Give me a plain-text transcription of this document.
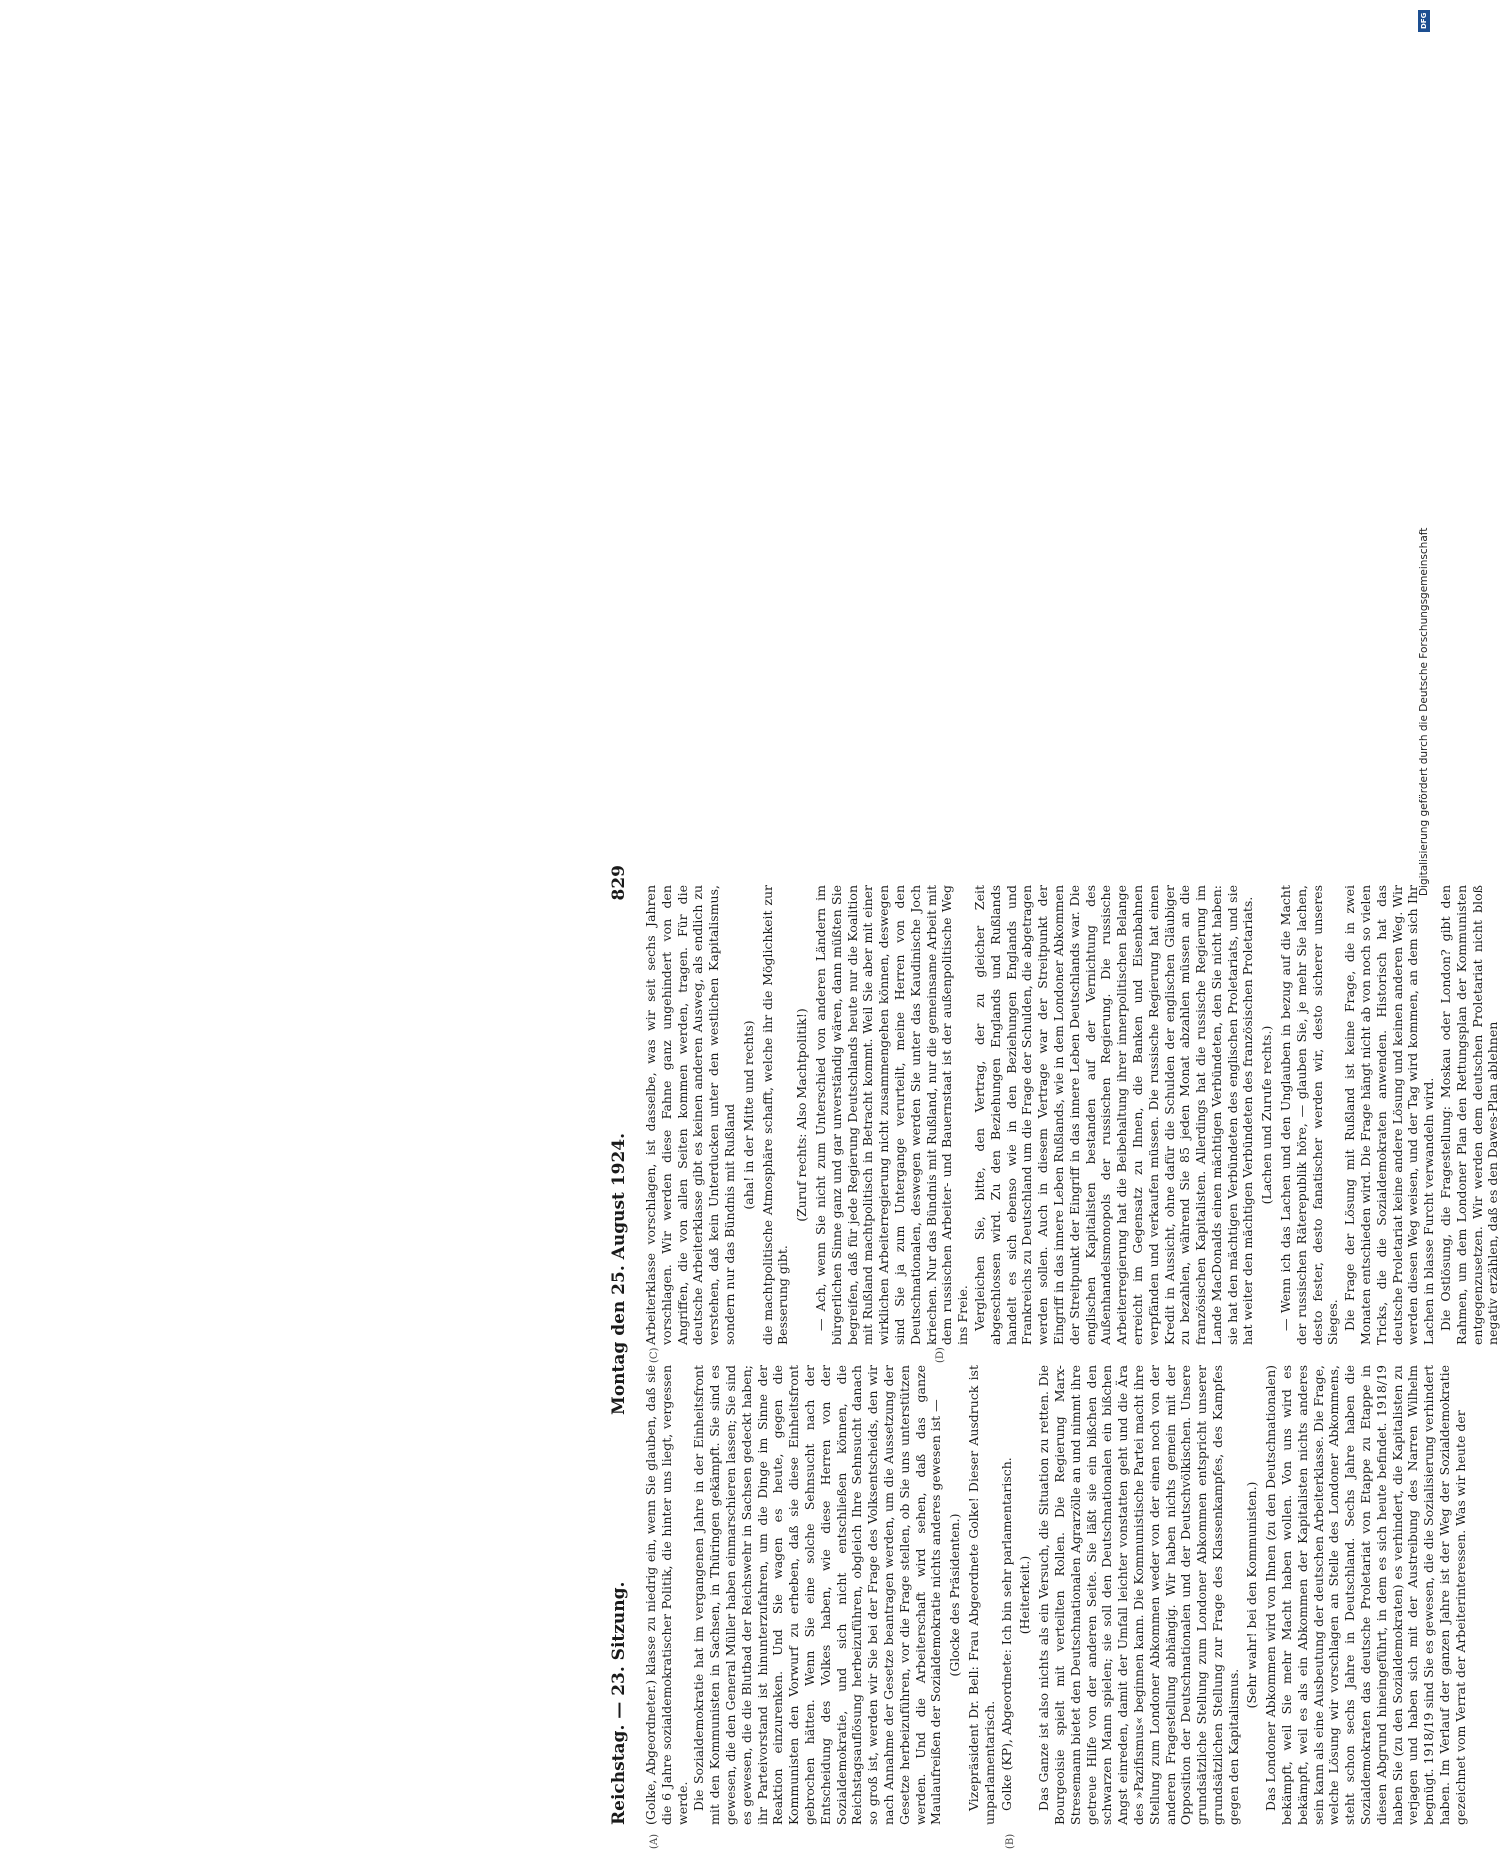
Reichstag. — 23. Sitzung.
Montag den 25. August 1924.
829
(A)	(B)
(C)	(D)

(Golke, Abgeordneter.) klasse zu niedrig ein, wenn Sie glauben, daß sie die 6 Jahre sozialdemokratischer Politik, die hinter uns liegt, vergessen werde. Die Sozialdemokratie hat im vergangenen Jahre in der Einheitsfront mit den Kommunisten in Sachsen, in Thüringen gekämpft. Sie sind es gewesen, die den General Müller haben einmarschieren lassen; Sie sind es gewesen, die die Blutbad der Reichswehr in Sachsen gedeckt haben; ihr Parteivorstand ist hinunterzufahren, um die Dinge im Sinne der Reaktion einzurenken. Und Sie wagen es heute, gegen die Kommunisten den Vorwurf zu erheben, daß sie diese Einheitsfront gebrochen hätten. Wenn Sie eine solche Sehnsucht nach der Entscheidung des Volkes haben, wie diese Herren von der Sozialdemokratie, und sich nicht entschließen können, die Reichstagsauflösung herbeizuführen, obgleich Ihre Sehnsucht danach so groß ist, werden wir Sie bei der Frage des Volksentscheids, den wir nach Annahme der Gesetze beantragen werden, um die Aussetzung der Gesetze herbeizuführen, vor die Frage stellen, ob Sie uns unterstützen werden. Und die Arbeiterschaft wird sehen, daß das ganze Maulaufreißen der Sozialdemokratie nichts anderes gewesen ist — (Glocke des Präsidenten.) Vizepräsident Dr. Bell: Frau Abgeordnete Golke! Dieser Ausdruck ist unparlamentarisch. Golke (KP), Abgeordnete: Ich bin sehr parlamentarisch. (Heiterkeit.) Das Ganze ist also nichts als ein Versuch, die Situation zu retten. Die Bourgeoisie spielt mit verteilten Rollen. Die Regierung Marx-Stresemann bietet den Deutschnationalen Agrarzölle an und nimmt ihre getreue Hilfe von der anderen Seite. Sie läßt sie ein bißchen den schwarzen Mann spielen; sie soll den Deutschnationalen ein bißchen Angst einreden, damit der Umfall leichter vonstatten geht und die Ära des »Pazifismus« beginnen kann. Die Kommunistische Partei macht ihre Stellung zum Londoner Abkommen weder von der einen noch von der anderen Fragestellung abhängig. Wir haben nichts gemein mit der Opposition der Deutschnationalen und der Deutschvölkischen. Unsere grundsätzliche Stellung zum Londoner Abkommen entspricht unserer grundsätzlichen Stellung zur Frage des Klassenkampfes, des Kampfes gegen den Kapitalismus.

(Sehr wahr! bei den Kommunisten.) Das Londoner Abkommen wird von Ihnen (zu den Deutschnationalen) bekämpft, weil Sie mehr Macht haben wollen. Von uns wird es bekämpft, weil es als ein Abkommen der Kapitalisten nichts anderes sein kann als eine Ausbeutung der deutschen Arbeiterklasse. Die Frage, welche Lösung wir vorschlagen an Stelle des Londoner Abkommens, steht schon sechs Jahre in Deutschland. Sechs Jahre haben die Sozialdemokraten das deutsche Proletariat von Etappe zu Etappe in diesen Abgrund hineingeführt, in dem es sich heute befindet. 1918/19 haben Sie (zu den Sozialdemokraten) es verhindert, die Kapitalisten zu verjagen und haben sich mit der Austreibung des Narren Wilhelm begnügt. 1918/19 sind Sie es gewesen, die die Sozialisierung verhindert haben. Im Verlauf der ganzen Jahre ist der Weg der Sozialdemokratie gezeichnet vom Verrat der Arbeiterinteressen. Was wir heute der

Arbeiterklasse vorschlagen, ist dasselbe, was wir seit sechs Jahren vorschlagen. Wir werden diese Fahne ganz ungehindert von den Angriffen, die von allen Seiten kommen werden, tragen. Für die deutsche Arbeiterklasse gibt es keinen anderen Ausweg, als endlich zu verstehen, daß kein Unterducken unter den westlichen Kapitalismus, sondern nur das Bündnis mit Rußland (aha! in der Mitte und rechts) die machtpolitische Atmosphäre schafft, welche ihr die Möglichkeit zur Besserung gibt.

(Zuruf rechts: Also Machtpolitik!) — Ach, wenn Sie nicht zum Unterschied von anderen Ländern im bürgerlichen Sinne ganz und gar unverständig wären, dann müßten Sie begreifen, daß für jede Regierung Deutschlands heute nur die Koalition mit Rußland machtpolitisch in Betracht kommt. Weil Sie aber mit einer wirklichen Arbeiterregierung nicht zusammengehen können, deswegen sind Sie ja zum Untergange verurteilt, meine Herren von den Deutschnationalen, deswegen werden Sie unter das Kaudinische Joch kriechen. Nur das Bündnis mit Rußland, nur die gemeinsame Arbeit mit dem russischen Arbeiter- und Bauernstaat ist der außenpolitische Weg ins Freie. Vergleichen Sie, bitte, den Vertrag, der zu gleicher Zeit abgeschlossen wird. Zu den Beziehungen Englands und Rußlands handelt es sich ebenso wie in den Beziehungen Englands und Frankreichs zu Deutschland um die Frage der Schulden, die abgetragen werden sollen. Auch in diesem Vertrage war der Streitpunkt der Eingriff in das innere Leben Rußlands, wie in dem Londoner Abkommen der Streitpunkt der Eingriff in das innere Leben Deutschlands war. Die englischen Kapitalisten bestanden auf der Vernichtung des Außenhandelsmonopols der russischen Regierung. Die russische Arbeiterregierung hat die Beibehaltung ihrer innerpolitischen Belange erreicht im Gegensatz zu Ihnen, die Banken und Eisenbahnen verpfänden und verkaufen müssen. Die russische Regierung hat einen Kredit in Aussicht, ohne dafür die Schulden der englischen Gläubiger zu bezahlen, während Sie 85 jeden Monat abzahlen müssen an die französischen Kapitalisten. Allerdings hat die russische Regierung im Lande MacDonalds einen mächtigen Verbündeten, den Sie nicht haben: sie hat den mächtigen Verbündeten des englischen Proletariats, und sie hat weiter den mächtigen Verbündeten des französischen Proletariats. (Lachen und Zurufe rechts.) — Wenn ich das Lachen und den Unglauben in bezug auf die Macht der russischen Räterepublik höre, — glauben Sie, je mehr Sie lachen, desto fester, desto fanatischer werden wir, desto sicherer unseres Sieges. Die Frage der Lösung mit Rußland ist keine Frage, die in zwei Monaten entschieden wird. Die Frage hängt nicht ab von noch so vielen Tricks, die die Sozialdemokraten anwenden. Historisch hat das deutsche Proletariat keine andere Lösung und keinen anderen Weg. Wir werden diesen Weg weisen, und der Tag wird kommen, an dem sich Ihr Lachen in blasse Furcht verwandeln wird. Die Ostlösung, die Fragestellung: Moskau oder London? gibt den Rahmen, um dem Londoner Plan den Rettungsplan der Kommunisten entgegenzusetzen. Wir werden dem deutschen Proletariat nicht bloß negativ erzählen, daß es den Dawes-Plan ablehnen

DFG
Digitalisierung gefördert durch die Deutsche Forschungsgemeinschaft
